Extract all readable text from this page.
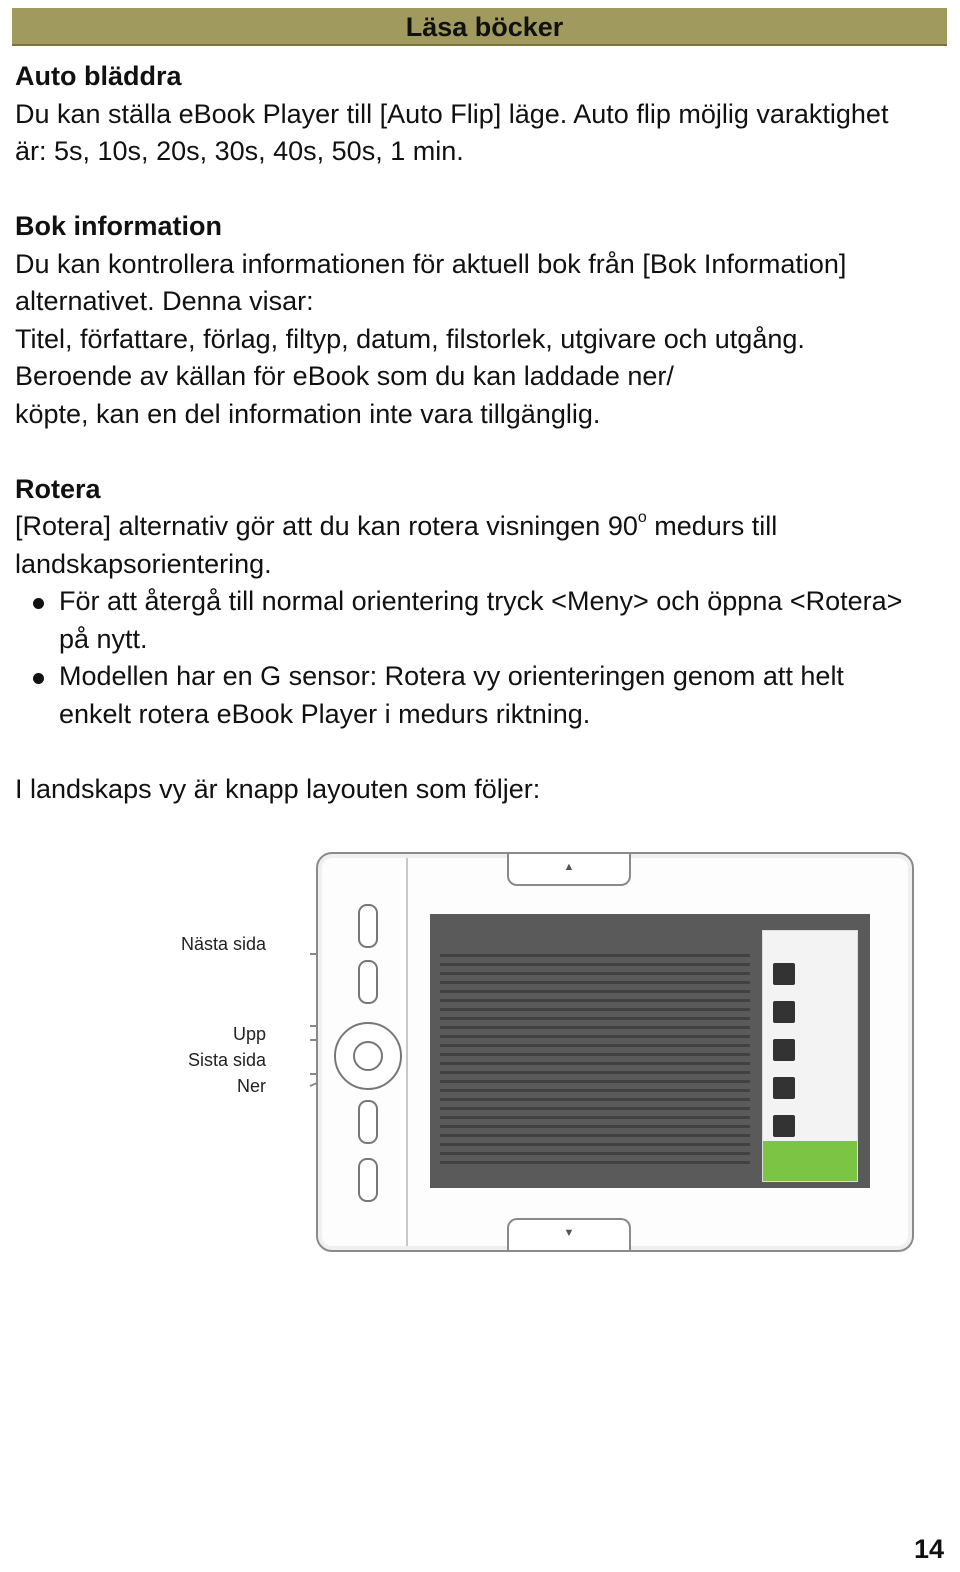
Läsa böcker

Auto bläddra

Du kan ställa eBook Player till [Auto Flip] läge. Auto flip möjlig varaktighet

är: 5s, 10s, 20s, 30s, 40s, 50s, 1 min.

Bok information

Du kan kontrollera informationen för aktuell bok från [Bok Information]

alternativet. Denna visar:

Titel, författare, förlag, filtyp, datum, filstorlek, utgivare och utgång.

Beroende av källan för eBook som du kan laddade ner/

köpte, kan en del information inte vara tillgänglig.

Rotera

[Rotera] alternativ gör att du kan rotera visningen 90$^o$ medurs till

landskapsorientering.

För att återgå till normal orientering tryck <Meny> och öppna <Rotera>

på nytt.

Modellen har en G sensor: Rotera vy orienteringen genom att helt

enkelt rotera eBook Player i medurs riktning.

I landskaps vy är knapp layouten som följer:

Nästa sida
Upp
Sista sida
Ner
▲
▼
14
